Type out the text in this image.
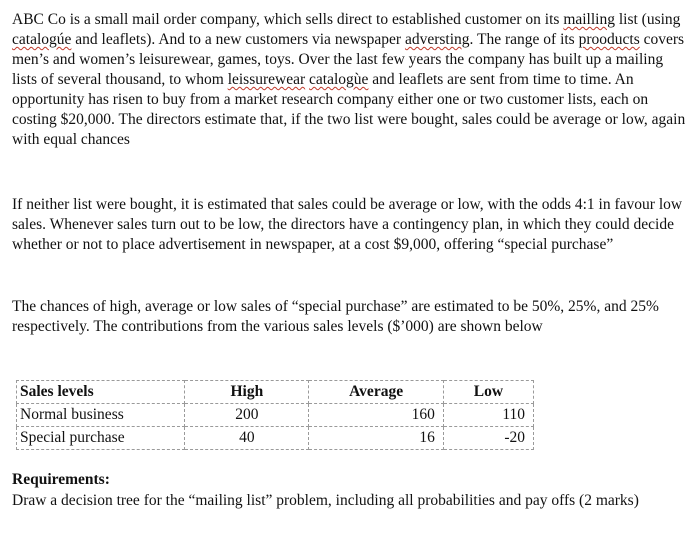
ABC Co is a small mail order company, which sells direct to established customer on its mailling list (using catalogúe and leaflets). And to a new customers via newspaper adversting. The range of its prooducts covers men’s and women’s leisurewear, games, toys. Over the last few years the company has built up a mailing lists of several thousand, to whom leissurewear catalogùe and leaflets are sent from time to time. An opportunity has risen to buy from a market research company either one or two customer lists, each on costing $20,000. The directors estimate that, if the two list were bought, sales could be average or low, again with equal chances

If neither list were bought, it is estimated that sales could be average or low, with the odds 4:1 in favour low sales. Whenever sales turn out to be low, the directors have a contingency plan, in which they could decide whether or not to place advertisement in newspaper, at a cost $9,000, offering “special purchase”

The chances of high, average or low sales of “special purchase” are estimated to be 50%, 25%, and 25% respectively. The contributions from the various sales levels ($’000) are shown below

Sales levels	High	Average	Low
Normal business	200	160	110
Special purchase	40	16	-20
Requirements:

Draw a decision tree for the “mailing list” problem, including all probabilities and pay offs (2 marks)
